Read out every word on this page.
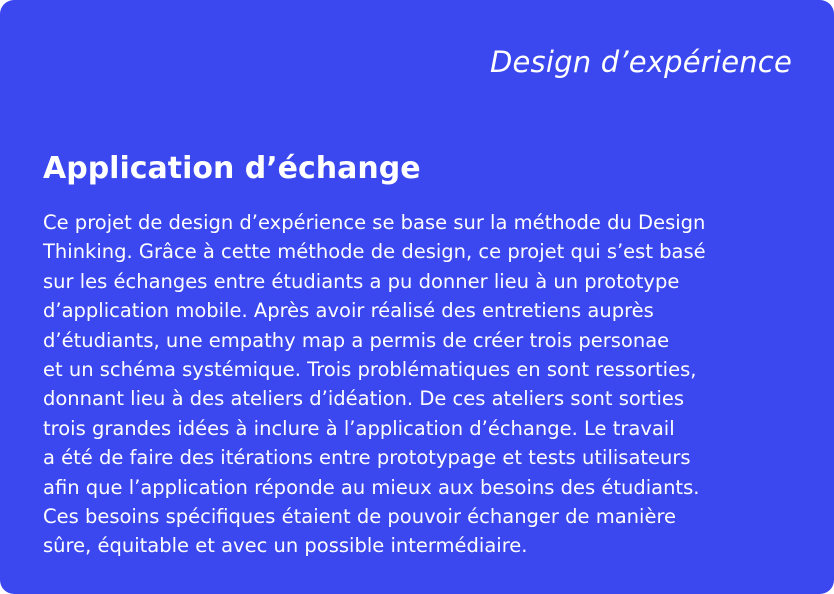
Design d’expérience

Application d’échange

Ce projet de design d’expérience se base sur la méthode du Design
Thinking. Grâce à cette méthode de design, ce projet qui s’est basé
sur les échanges entre étudiants a pu donner lieu à un prototype
d’application mobile. Après avoir réalisé des entretiens auprès
d’étudiants, une empathy map a permis de créer trois personae
et un schéma systémique. Trois problématiques en sont ressorties,
donnant lieu à des ateliers d’idéation. De ces ateliers sont sorties
trois grandes idées à inclure à l’application d’échange. Le travail
a été de faire des itérations entre prototypage et tests utilisateurs
afin que l’application réponde au mieux aux besoins des étudiants.
Ces besoins spécifiques étaient de pouvoir échanger de manière
sûre, équitable et avec un possible intermédiaire.
